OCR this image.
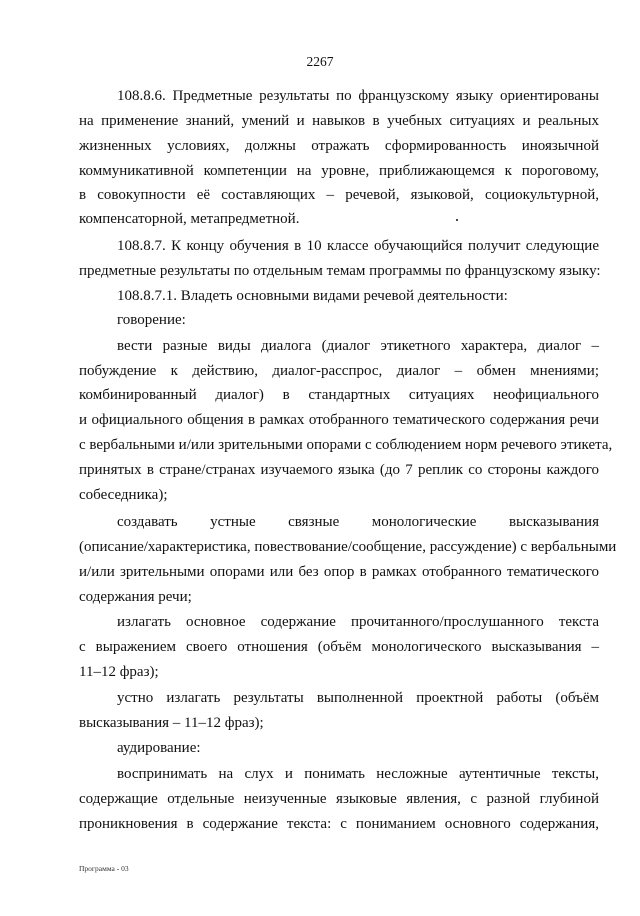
2267
108.8.6. Предметные результаты по французскому языку ориентированы
на применение знаний, умений и навыков в учебных ситуациях и реальных
жизненных условиях, должны отражать сформированность иноязычной
коммуникативной компетенции на уровне, приближающемся к пороговому,
в совокупности её составляющих – речевой, языковой, социокультурной,
компенсаторной, метапредметной.
108.8.7. К концу обучения в 10 классе обучающийся получит следующие
предметные результаты по отдельным темам программы по французскому языку:
108.8.7.1. Владеть основными видами речевой деятельности:
говорение:
вести разные виды диалога (диалог этикетного характера, диалог –
побуждение к действию, диалог-расспрос, диалог – обмен мнениями;
комбинированный диалог) в стандартных ситуациях неофициального
и официального общения в рамках отобранного тематического содержания речи
с вербальными и/или зрительными опорами с соблюдением норм речевого этикета,
принятых в стране/странах изучаемого языка (до 7 реплик со стороны каждого
собеседника);
создавать устные связные монологические высказывания
(описание/характеристика, повествование/сообщение, рассуждение) с вербальными
и/или зрительными опорами или без опор в рамках отобранного тематического
содержания речи;
излагать основное содержание прочитанного/прослушанного текста
с выражением своего отношения (объём монологического высказывания –
11–12 фраз);
устно излагать результаты выполненной проектной работы (объём
высказывания – 11–12 фраз);
аудирование:
воспринимать на слух и понимать несложные аутентичные тексты,
содержащие отдельные неизученные языковые явления, с разной глубиной
проникновения в содержание текста: с пониманием основного содержания,
Программа - 03
